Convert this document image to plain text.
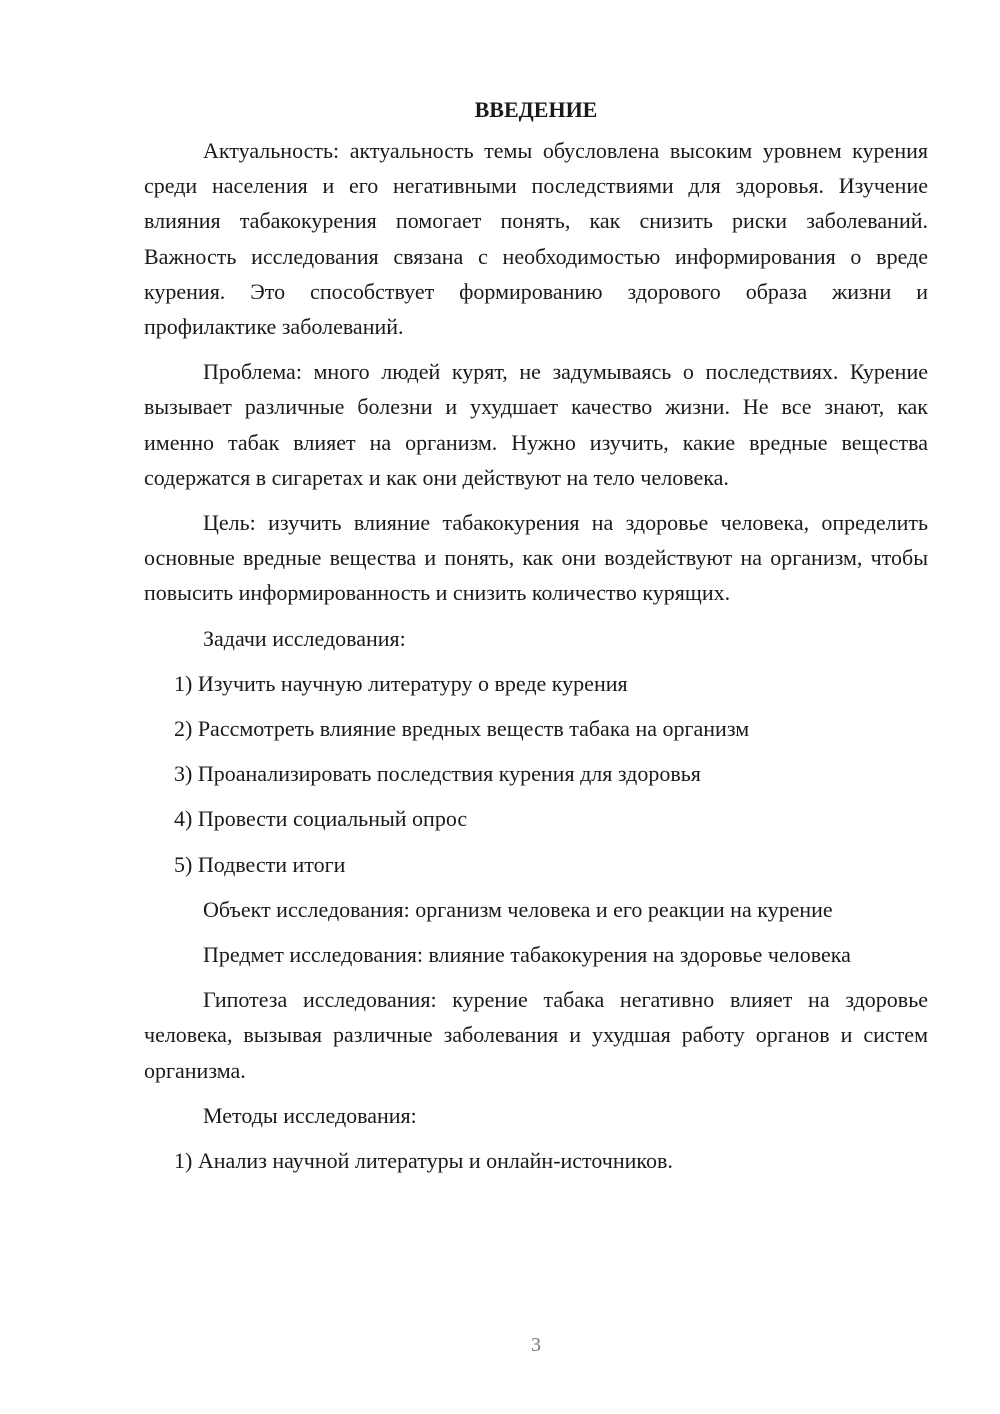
ВВЕДЕНИЕ

Актуальность: актуальность темы обусловлена высоким уровнем курения среди населения и его негативными последствиями для здоровья. Изучение влияния табакокурения помогает понять, как снизить риски заболеваний. Важность исследования связана с необходимостью информирования о вреде курения. Это способствует формированию здорового образа жизни и профилактике заболеваний.

Проблема: много людей курят, не задумываясь о последствиях. Курение вызывает различные болезни и ухудшает качество жизни. Не все знают, как именно табак влияет на организм. Нужно изучить, какие вредные вещества содержатся в сигаретах и как они действуют на тело человека.

Цель: изучить влияние табакокурения на здоровье человека, определить основные вредные вещества и понять, как они воздействуют на организм, чтобы повысить информированность и снизить количество курящих.

Задачи исследования:

1) Изучить научную литературу о вреде курения

2) Рассмотреть влияние вредных веществ табака на организм

3) Проанализировать последствия курения для здоровья

4) Провести социальный опрос

5) Подвести итоги

Объект исследования: организм человека и его реакции на курение

Предмет исследования: влияние табакокурения на здоровье человека

Гипотеза исследования: курение табака негативно влияет на здоровье человека, вызывая различные заболевания и ухудшая работу органов и систем организма.

Методы исследования:

1) Анализ научной литературы и онлайн-источников.

3
